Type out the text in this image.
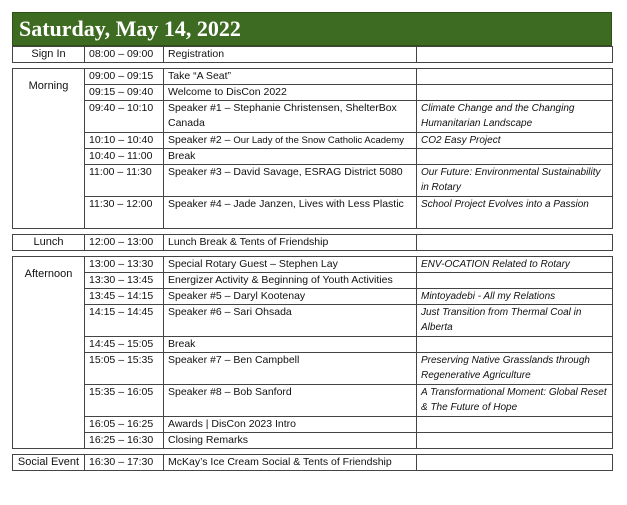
Saturday, May 14, 2022
Sign In	08:00 – 09:00	Registration	

Morning	09:00 – 09:15	Take “A Seat”	
	09:15 – 09:40	Welcome to DisCon 2022	
	09:40 – 10:10	Speaker #1 – Stephanie Christensen, ShelterBox Canada	Climate Change and the Changing Humanitarian Landscape
	10:10 – 10:40	Speaker #2 – Our Lady of the Snow Catholic Academy	CO2 Easy Project
	10:40 – 11:00	Break	
	11:00 – 11:30	Speaker #3 – David Savage, ESRAG District 5080	Our Future: Environmental Sustainability in Rotary
	11:30 – 12:00	Speaker #4 – Jade Janzen, Lives with Less Plastic	School Project Evolves into a Passion

Lunch	12:00 – 13:00	Lunch Break & Tents of Friendship	

Afternoon	13:00 – 13:30	Special Rotary Guest – Stephen Lay	ENV-OCATION Related to Rotary
	13:30 – 13:45	Energizer Activity & Beginning of Youth Activities	
	13:45 – 14:15	Speaker #5 – Daryl Kootenay	Mintoyadebi - All my Relations
	14:15 – 14:45	Speaker #6 – Sari Ohsada	Just Transition from Thermal Coal in Alberta
	14:45 – 15:05	Break	
	15:05 – 15:35	Speaker #7 – Ben Campbell	Preserving Native Grasslands through Regenerative Agriculture
	15:35 – 16:05	Speaker #8 – Bob Sanford	A Transformational Moment: Global Reset & The Future of Hope
	16:05 – 16:25	Awards | DisCon 2023 Intro	
	16:25 – 16:30	Closing Remarks	

Social Event	16:30 – 17:30	McKay’s Ice Cream Social & Tents of Friendship	
